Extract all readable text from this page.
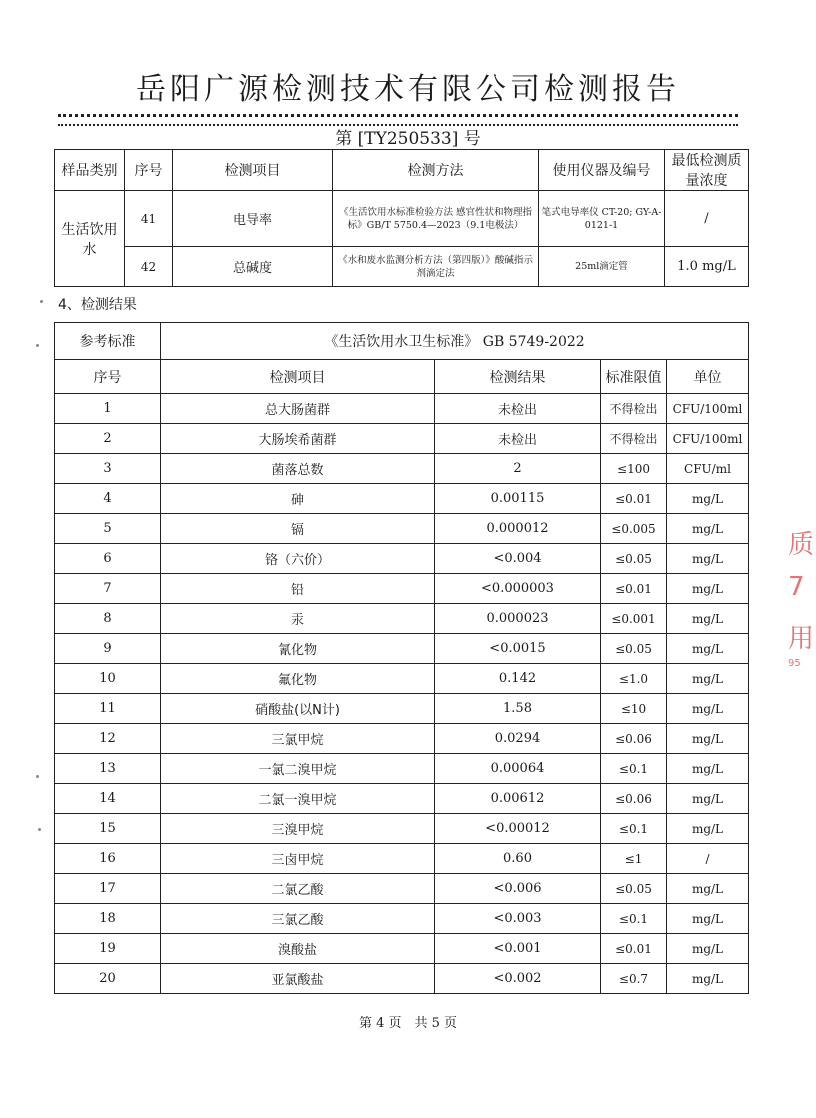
岳阳广源检测技术有限公司检测报告
第 [TY250533] 号
样品类别	序号	检测项目	检测方法	使用仪器及编号	最低检测质量浓度
生活饮用水	41	电导率	《生活饮用水标准检验方法 感官性状和物理指标》GB/T 5750.4—2023（9.1电极法）	笔式电导率仪 CT-20; GY-A-0121-1	/
	42	总碱度	《水和废水监测分析方法（第四版）》酸碱指示剂滴定法	25ml滴定管	1.0 mg/L
4、检测结果
参考标准	《生活饮用水卫生标准》 GB 5749-2022			
序号	检测项目	检测结果	标准限值	单位
1	总大肠菌群	未检出	不得检出	CFU/100ml
2	大肠埃希菌群	未检出	不得检出	CFU/100ml
3	菌落总数	2	≤100	CFU/ml
4	砷	0.00115	≤0.01	mg/L
5	镉	0.000012	≤0.005	mg/L
6	铬（六价）	<0.004	≤0.05	mg/L
7	铅	<0.000003	≤0.01	mg/L
8	汞	0.000023	≤0.001	mg/L
9	氰化物	<0.0015	≤0.05	mg/L
10	氟化物	0.142	≤1.0	mg/L
11	硝酸盐(以N计)	1.58	≤10	mg/L
12	三氯甲烷	0.0294	≤0.06	mg/L
13	一氯二溴甲烷	0.00064	≤0.1	mg/L
14	二氯一溴甲烷	0.00612	≤0.06	mg/L
15	三溴甲烷	<0.00012	≤0.1	mg/L
16	三卤甲烷	0.60	≤1	/
17	二氯乙酸	<0.006	≤0.05	mg/L
18	三氯乙酸	<0.003	≤0.1	mg/L
19	溴酸盐	<0.001	≤0.01	mg/L
20	亚氯酸盐	<0.002	≤0.7	mg/L
第 4 页　共 5 页
质
7
用
95
